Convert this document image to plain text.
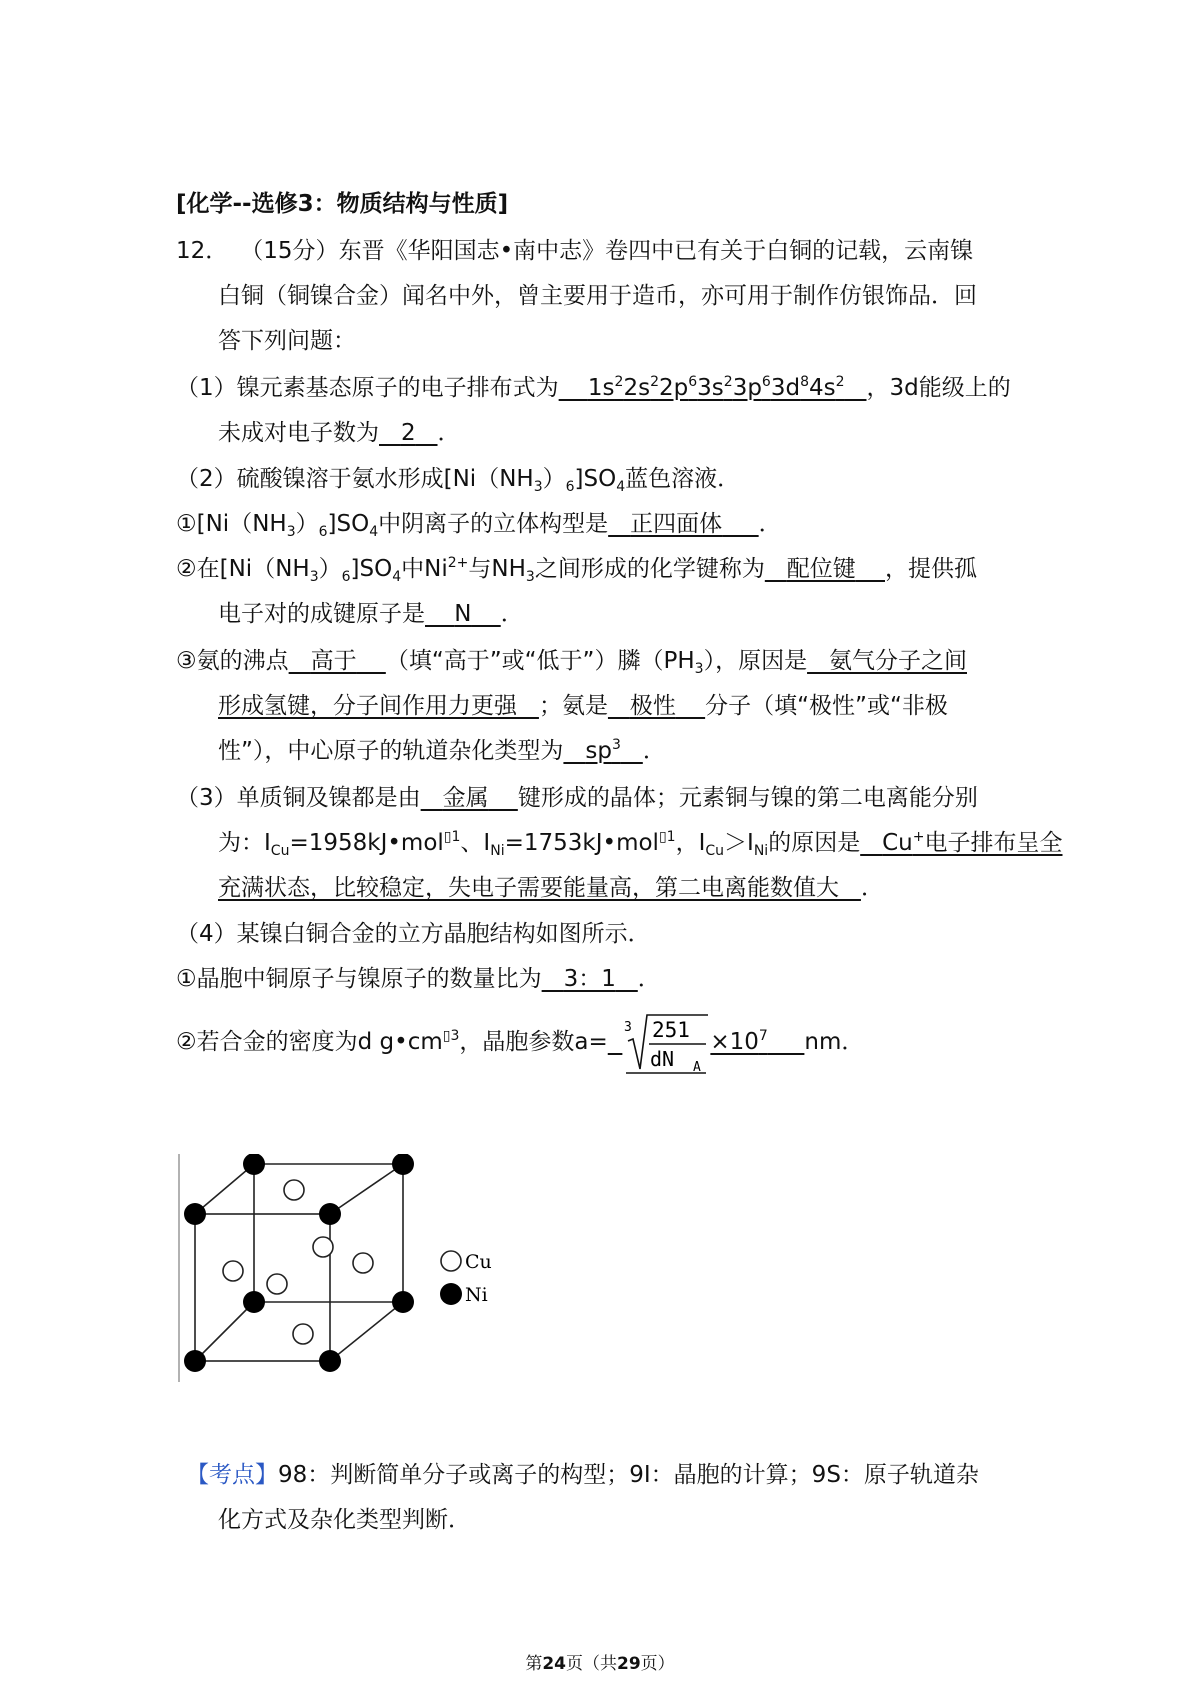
[化学--选修3：物质结构与性质]
12． （15分）东晋《华阳国志•南中志》卷四中已有关于白铜的记载，云南镍
白铜（铜镍合金）闻名中外，曾主要用于造币，亦可用于制作仿银饰品．回
答下列问题：
（1）镍元素基态原子的电子排布式为 $1s^22s^22p^63s^23p^63d^84s^2$ ，3d能级上的
未成对电子数为 2 ．
（2）硫酸镍溶于氨水形成$[Ni(NH_3)_6]SO_4$蓝色溶液．
$①[Ni(NH_3)_6]SO_4$中阴离子的立体构型是 正四面体 ．
②在$[Ni(NH_3)_6]SO_4$中$Ni^{2+}$与$NH_3$之间形成的化学键称为 配位键 ，提供孤
电子对的成键原子是 N ．
③氨的沸点 高于 （填“高于”或“低于”）膦$(PH_3)$，原因是 氨气分子之间
形成氢键，分子间作用力更强 ；氨是 极性 分子（填“极性”或“非极
性”），中心原子的轨道杂化类型为 $sp^3$ ．
（3）单质铜及镍都是由 金属 键形成的晶体；元素铜与镍的第二电离能分别
为：$I_{Cu}=1958kJ•mol^{▯1}$、$I_{Ni}=1753kJ•mol^{▯1}$，$I_{Cu}>I_{Ni}$的原因是 Cu+电子排布呈全
充满状态，比较稳定，失电子需要能量高，第二电离能数值大 ．
（4）某镍白铜合金的立方晶胞结构如图所示．
①晶胞中铜原子与镍原子的数量比为 3：1 ．
②若合金的密度为d $g•cm^{▯3}$，晶胞参数a=
3 251
dN A
$\times 10^7$ nm．
Cu
Ni
【考点】98：判断简单分子或离子的构型；9I：晶胞的计算；9S：原子轨道杂
化方式及杂化类型判断．
第24页（共29页）
